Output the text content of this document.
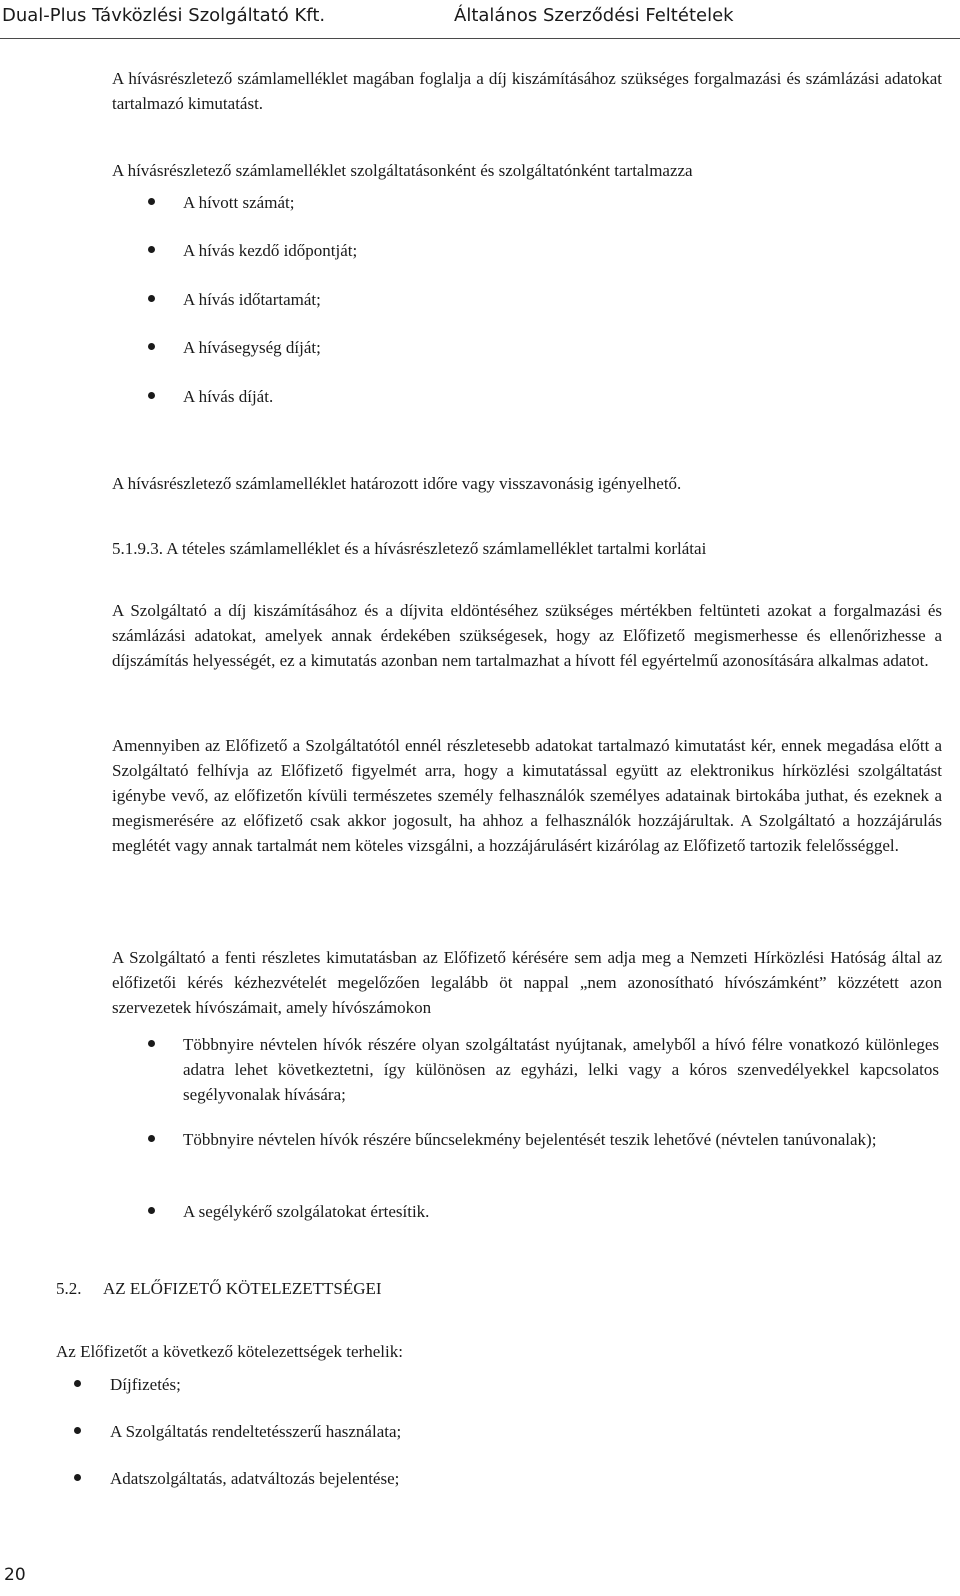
Dual-Plus Távközlési Szolgáltató Kft.	Általános Szerződési Feltételek

A hívásrészletező számlamelléklet magában foglalja a díj kiszámításához szükséges forgalmazási és számlázási adatokat tartalmazó kimutatást.

A hívásrészletező számlamelléklet szolgáltatásonként és szolgáltatónként tartalmazza

A hívott számát;

A hívás kezdő időpontját;

A hívás időtartamát;

A hívásegység díját;

A hívás díját.

A hívásrészletező számlamelléklet határozott időre vagy visszavonásig igényelhető.

5.1.9.3. A tételes számlamelléklet és a hívásrészletező számlamelléklet tartalmi korlátai

A Szolgáltató a díj kiszámításához és a díjvita eldöntéséhez szükséges mértékben feltünteti azokat a forgalmazási és számlázási adatokat, amelyek annak érdekében szükségesek, hogy az Előfizető megismerhesse és ellenőrizhesse a díjszámítás helyességét, ez a kimutatás azonban nem tartalmazhat a hívott fél egyértelmű azonosítására alkalmas adatot.

Amennyiben az Előfizető a Szolgáltatótól ennél részletesebb adatokat tartalmazó kimutatást kér, ennek megadása előtt a Szolgáltató felhívja az Előfizető figyelmét arra, hogy a kimutatással együtt az elektronikus hírközlési szolgáltatást igénybe vevő, az előfizetőn kívüli természetes személy felhasználók személyes adatainak birtokába juthat, és ezeknek a megismerésére az előfizető csak akkor jogosult, ha ahhoz a felhasználók hozzájárultak. A Szolgáltató a hozzájárulás meglétét vagy annak tartalmát nem köteles vizsgálni, a hozzájárulásért kizárólag az Előfizető tartozik felelősséggel.

A Szolgáltató a fenti részletes kimutatásban az Előfizető kérésére sem adja meg a Nemzeti Hírközlési Hatóság által az előfizetői kérés kézhezvételét megelőzően legalább öt nappal „nem azonosítható hívószámként” közzétett azon szervezetek hívószámait, amely hívószámokon

Többnyire névtelen hívók részére olyan szolgáltatást nyújtanak, amelyből a hívó félre vonatkozó különleges adatra lehet következtetni, így különösen az egyházi, lelki vagy a kóros szenvedélyekkel kapcsolatos segélyvonalak hívására;

Többnyire névtelen hívók részére bűncselekmény bejelentését teszik lehetővé (névtelen tanúvonalak);

A segélykérő szolgálatokat értesítik.

5.2. AZ ELŐFIZETŐ KÖTELEZETTSÉGEI

Az Előfizetőt a következő kötelezettségek terhelik:

Díjfizetés;

A Szolgáltatás rendeltetésszerű használata;

Adatszolgáltatás, adatváltozás bejelentése;

20
